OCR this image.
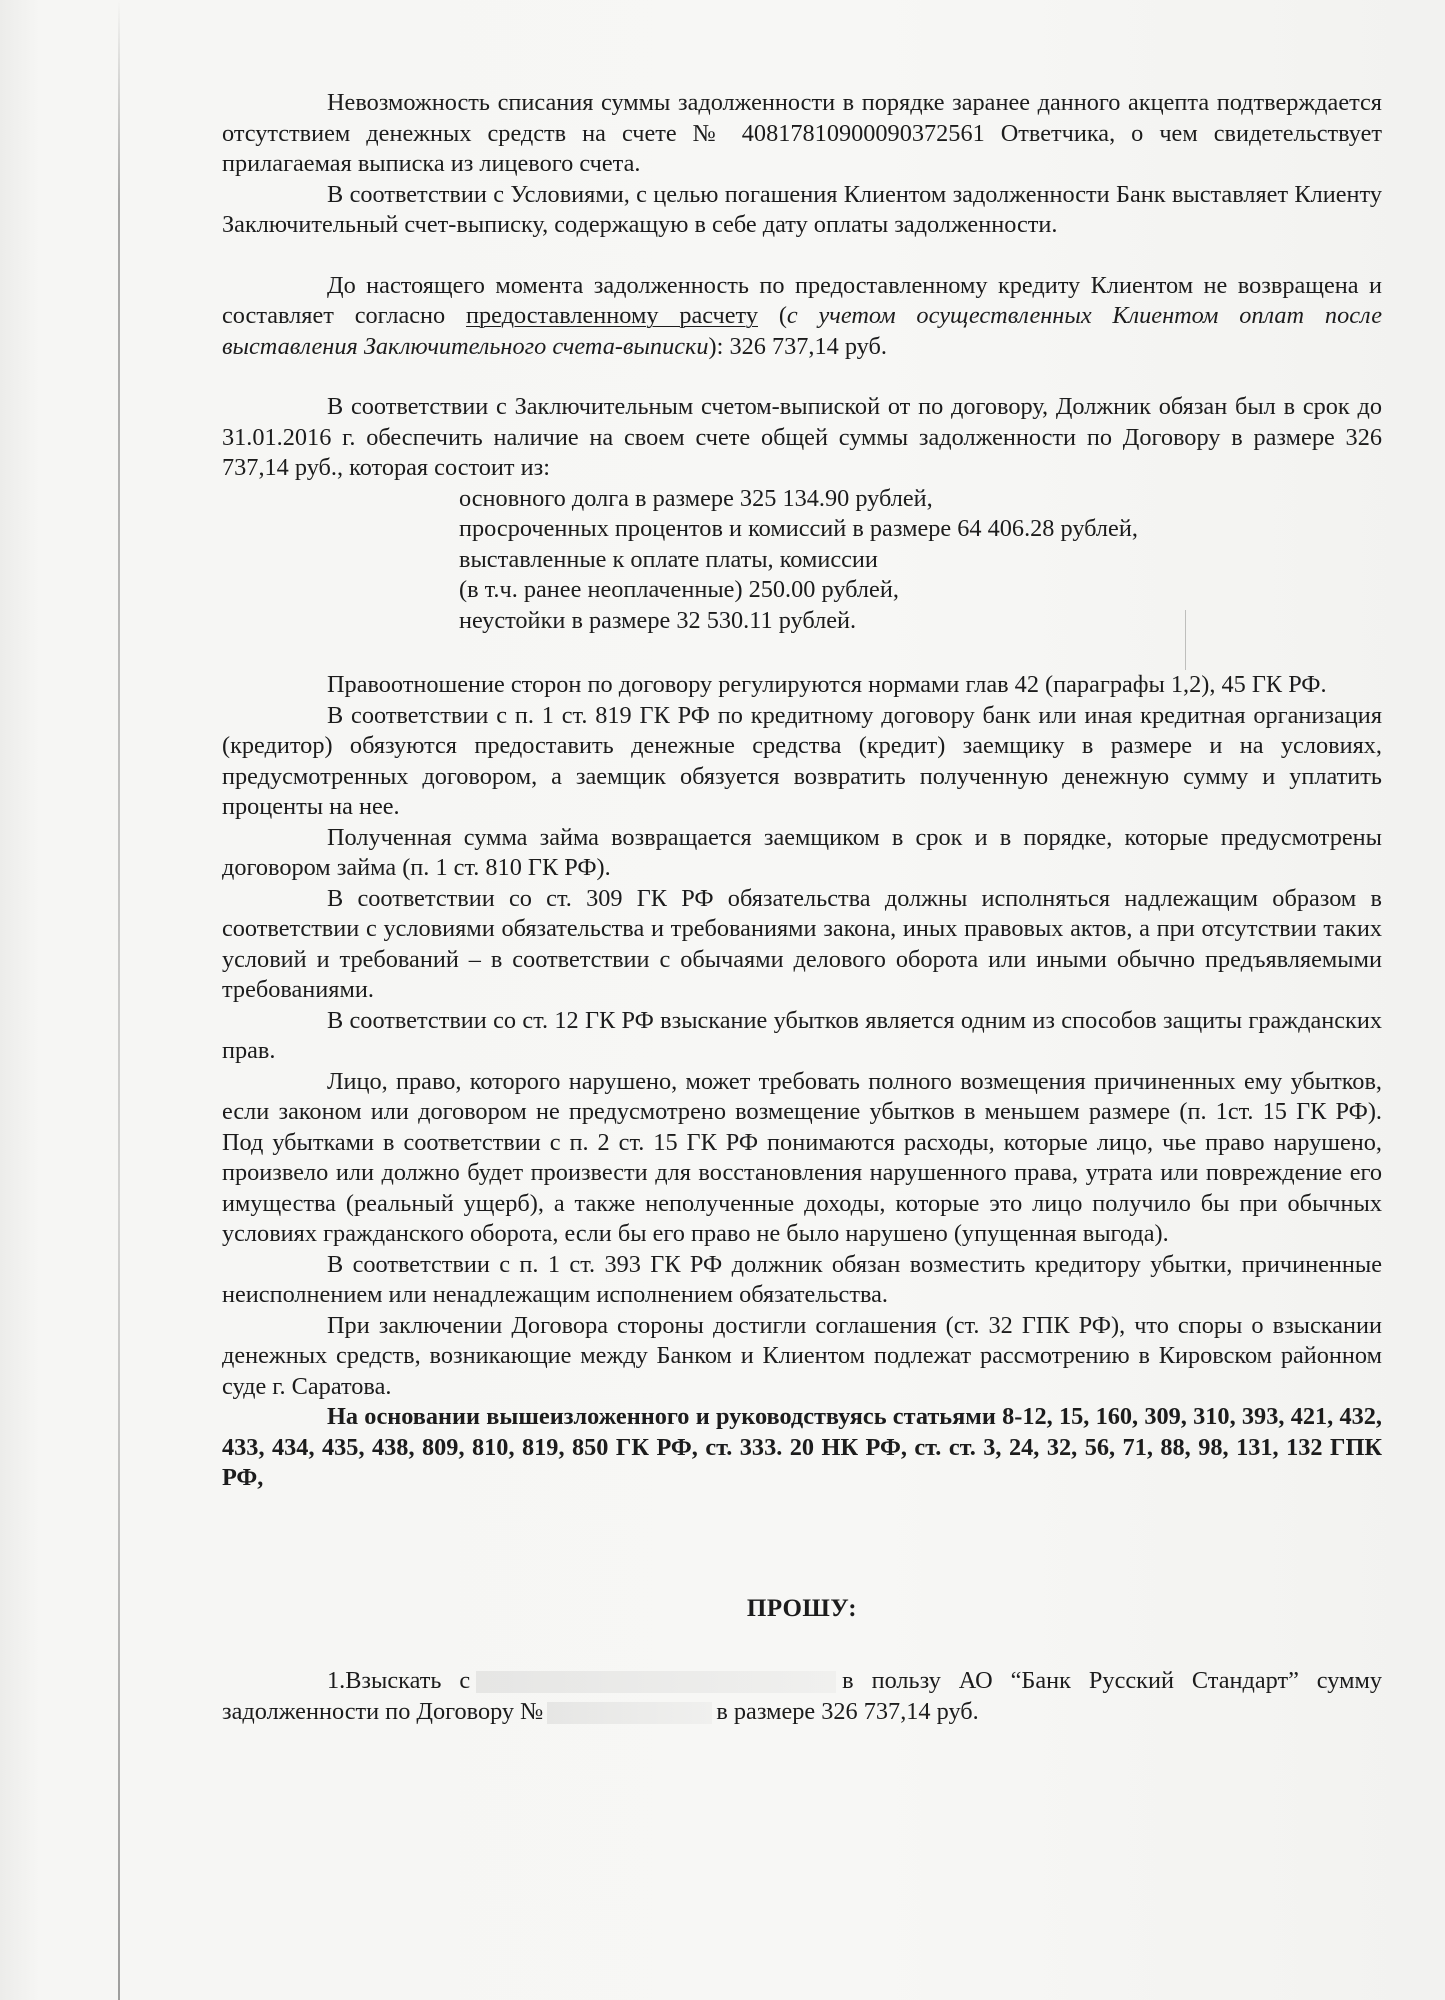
Невозможность списания суммы задолженности в порядке заранее данного акцепта подтверждается отсутствием денежных средств на счете № 40817810900090372561 Ответчика, о чем свидетельствует прилагаемая выписка из лицевого счета.

В соответствии с Условиями, с целью погашения Клиентом задолженности Банк выставляет Клиенту Заключительный счет-выписку, содержащую в себе дату оплаты задолженности.

До настоящего момента задолженность по предоставленному кредиту Клиентом не возвращена и составляет согласно предоставленному расчету (с учетом осуществленных Клиентом оплат после выставления Заключительного счета-выписки): 326 737,14 руб.

В соответствии с Заключительным счетом-выпиской от по договору, Должник обязан был в срок до 31.01.2016 г. обеспечить наличие на своем счете общей суммы задолженности по Договору в размере 326 737,14 руб., которая состоит из:

основного долга в размере 325 134.90 рублей,
просроченных процентов и комиссий в размере 64 406.28 рублей,
выставленные к оплате платы, комиссии
(в т.ч. ранее неоплаченные) 250.00 рублей,
неустойки в размере 32 530.11 рублей.

Правоотношение сторон по договору регулируются нормами глав 42 (параграфы 1,2), 45 ГК РФ.

В соответствии с п. 1 ст. 819 ГК РФ по кредитному договору банк или иная кредитная организация (кредитор) обязуются предоставить денежные средства (кредит) заемщику в размере и на условиях, предусмотренных договором, а заемщик обязуется возвратить полученную денежную сумму и уплатить проценты на нее.

Полученная сумма займа возвращается заемщиком в срок и в порядке, которые предусмотрены договором займа (п. 1 ст. 810 ГК РФ).

В соответствии со ст. 309 ГК РФ обязательства должны исполняться надлежащим образом в соответствии с условиями обязательства и требованиями закона, иных правовых актов, а при отсутствии таких условий и требований – в соответствии с обычаями делового оборота или иными обычно предъявляемыми требованиями.

В соответствии со ст. 12 ГК РФ взыскание убытков является одним из способов защиты гражданских прав.

Лицо, право, которого нарушено, может требовать полного возмещения причиненных ему убытков, если законом или договором не предусмотрено возмещение убытков в меньшем размере (п. 1ст. 15 ГК РФ). Под убытками в соответствии с п. 2 ст. 15 ГК РФ понимаются расходы, которые лицо, чье право нарушено, произвело или должно будет произвести для восстановления нарушенного права, утрата или повреждение его имущества (реальный ущерб), а также неполученные доходы, которые это лицо получило бы при обычных условиях гражданского оборота, если бы его право не было нарушено (упущенная выгода).

В соответствии с п. 1 ст. 393 ГК РФ должник обязан возместить кредитору убытки, причиненные неисполнением или ненадлежащим исполнением обязательства.

При заключении Договора стороны достигли соглашения (ст. 32 ГПК РФ), что споры о взыскании денежных средств, возникающие между Банком и Клиентом подлежат рассмотрению в Кировском районном суде г. Саратова.

На основании вышеизложенного и руководствуясь статьями 8-12, 15, 160, 309, 310, 393, 421, 432, 433, 434, 435, 438, 809, 810, 819, 850 ГК РФ, ст. 333. 20 НК РФ, ст. ст. 3, 24, 32, 56, 71, 88, 98, 131, 132 ГПК РФ,

ПРОШУ:

1.Взыскать с	в пользу АО “Банк Русский Стандарт” сумму задолженности по Договору №	в размере 326 737,14 руб.
